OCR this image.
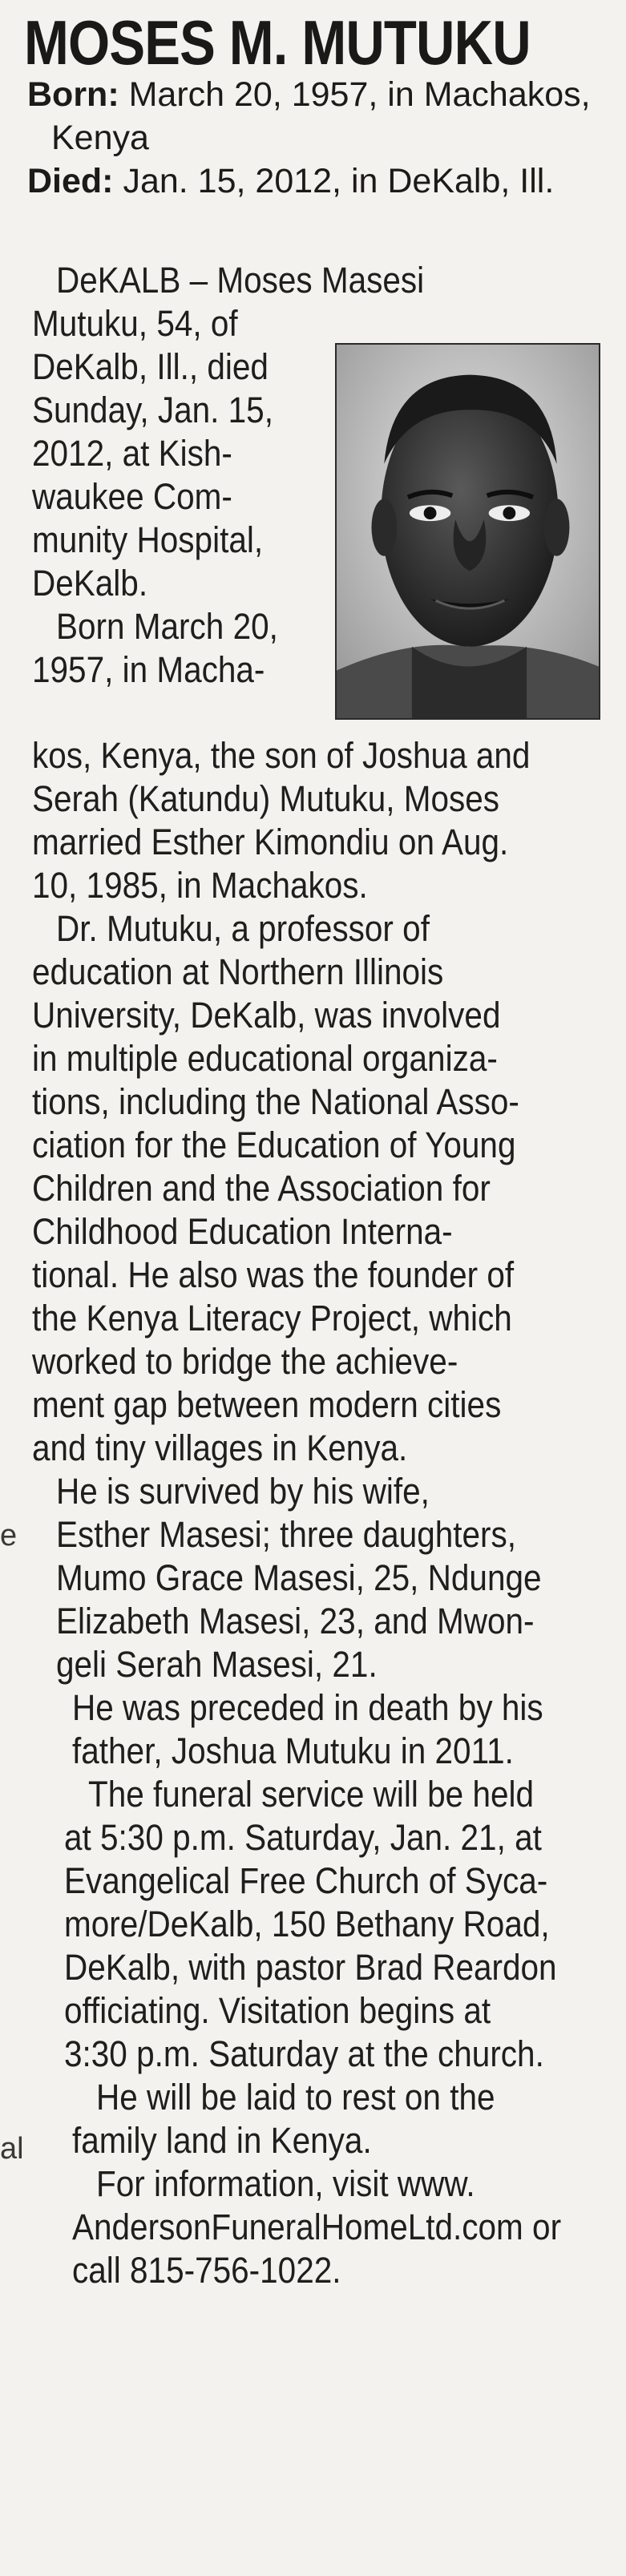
MOSES M. MUTUKU
Born: March 20, 1957, in Machakos,
Kenya
Died: Jan. 15, 2012, in DeKalb, Ill.
e
al
DeKALB – Moses Masesi
Mutuku, 54, of
DeKalb, Ill., died
Sunday, Jan. 15,
2012, at Kish-
waukee Com-
munity Hospital,
DeKalb.
Born March 20,
1957, in Macha-
kos, Kenya, the son of Joshua and
Serah (Katundu) Mutuku, Moses
married Esther Kimondiu on Aug.
10, 1985, in Machakos.
Dr. Mutuku, a professor of
education at Northern Illinois
University, DeKalb, was involved
in multiple educational organiza-
tions, including the National Asso-
ciation for the Education of Young
Children and the Association for
Childhood Education Interna-
tional. He also was the founder of
the Kenya Literacy Project, which
worked to bridge the achieve-
ment gap between modern cities
and tiny villages in Kenya.
He is survived by his wife,
Esther Masesi; three daughters,
Mumo Grace Masesi, 25, Ndunge
Elizabeth Masesi, 23, and Mwon-
geli Serah Masesi, 21.
He was preceded in death by his
father, Joshua Mutuku in 2011.
The funeral service will be held
at 5:30 p.m. Saturday, Jan. 21, at
Evangelical Free Church of Syca-
more/DeKalb, 150 Bethany Road,
DeKalb, with pastor Brad Reardon
officiating. Visitation begins at
3:30 p.m. Saturday at the church.
He will be laid to rest on the
family land in Kenya.
For information, visit www.
AndersonFuneralHomeLtd.com or
call 815-756-1022.
